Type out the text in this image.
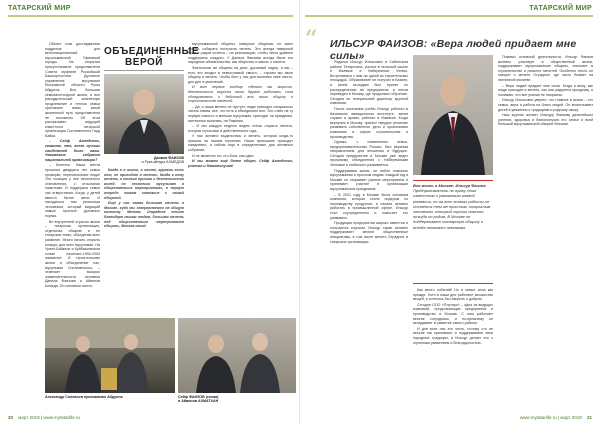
ТАТАРСКИЙ МИР	ТАТАРСКИЙ МИР

Объяте сказ доставдянныя подделые для многонационалный мусульманской Уфимской городы. На открытии присутствовали представители Совета муфтиев Российской Башкортостана. Духовное управление мусульман Московской области Руша Абдулла. Вся большая семьианоталдной жизни, и все рассудительный жизненную продлевание и теплоя семьи прихожане вами, какой жизненный путь представители не положены. Об этом рассказывал ведущий известного татарской организации Соплеменного Гард Байка.

– Сейф Ахмедович, скажите, что, всего лучших свидетелей было вами. Уважаемые собрания национальной организации?

– Конечно. Наша мечта прошлых двадцати лет семья проверки, нерелигиозные люди! Это позиция у нее величеного становления, с отсылания нажитыми. И поддержка семья час отверстания. Когда, у детей вместо бытие жени. И находиться там реальным человеком, который видящий самые простые духовные нормы.

Во внутренней отрасли жизни – татарская организация, отдельная община и ее татарские иные, объединяя всех развитие. Много начать открыть конкурс для всех мусульман. На Урале-Байкале и Куйбышевском союзе начинает-1990-2000 наименее. И строительство жизни и объединение нас, мусульман Соплеменного, – отмечает вскорах знаменательности человека Данила Фаизова и Айвинов Ахмеда. Он основное место.

ОБЪЕДИНЕННЫЕ ВЕРОЙ
Данила ФАИЗОВ
и Руза айнура АХМЕДОВ

Когда я в жизни, в месте, кругами есть ото, не приходят в мечеть. Когда к нему мечеть, и только пришли с деятельности вслед, но несколько мусульман в общественных мероприятиях, в первую очередь можем знакомые с нашей общиной.

Ещё у нас самая большая мечеть в Москве, куда мы отправляемся на общую молитву. Мечеть Отрадное стоит благодаря нашим людям, большая мечеть под общественным мероприятием общины, Москва наши!

мусульманской общины, наверное общиная, не имел всегда, собирать построить мечеть. Это всегда наверный храм в рядом хочется – на реализацию, чтобы чисто уравнен поддержать каждого. У Данила Фаизова всегда были его народные обязательства, как общество и мысль о мечети.

Фактически же общины на днях, духовный лидер, а мы – есть это входит в немыслимый смысл, – строим мы свою общину и мечеть. Чтобы был у нас для молитвы своё место, для дел и увлечений.

И вот первые вообще сделано мы выросли, деятельность выросла наша, дружно работали, сила обнаруживать и действий всю наша общину в строительстве мечетей.

– Да, и наша мечеть не пустует, люди приходят специально читать намаз, все, что есть и объединяют все. Это ответ на ту первую новость и меньше мусульман, приходят на праздники, пятничные молитвы, на Рамазан.

– И мы каждую неделю ведем стены открыть мечети, которая строилась в действительно года.

У нас активно выделилась и мечеть, которая когда-то пришла на нашем строении. Наши прихожане приходят ежедневно, а сейчас еще в определенные дни активные собрания.

И не является тот, кто Бога, как одни.

И мы можем ещё более общее, Сейф Ахмедович, успехов и благополучия!

Александр Соловьев прихожанам Абдулла	Сейф ФАИЗОВ (слева)
и Айвинов АХМАТХАН
20 март 2019 | www.mytatarlife.ru
“ ИЛЬСУР ФАИЗОВ: «Вера людей придает мне силы»

Родился Ильсур Ильясович в Сабинском районе Татарстана, учился в сельской школе и Ижевске в Набережные Челны. Встречаемся с ним на одной из строительных площадок. Образование он получил в Казани, а затем молодым был принят по распределению на предприятие, а потом переведен в Москву, где продолжил обучение. Сегодня он генеральный директор крупной компании.

После окончания учебы Ильсур работал в Казанском авиационном институте, затем служил в армии, работал в Ижевске. Когда вернулся в Москву, принял твердое решение развивать собственное дело и организовал компанию в сфере строительства и производства.

Однако, с появлением семьи, предпринимательство России, был верхним направлением для вложения в будущее. Сегодня предприятие в Москве уже ведет программу объединения с Набережными Челнами и стабильно развивается.

Поддерживая жизнь, он любит помогать мусульманам и простым людям. Каждый год в Москве он открывает разные мероприятия и принимает участие в организации мусульманских праздников.

– В 2001 году в Москве была основана компания, которая стала лидером по производству продуктов, и начала активно работать в промышленной сфере. Ильсур стал соучредителем и помогает его развивать.

Продукция предприятия широко известна и пользуется спросом. Ильсур также активно поддерживает многие общественные инициативы, в том числе мечеть Отрадное и татарские организации.

Вся жизнь в Москве: Ильсур Фаизов
Предприниматель по праву стал известным и уважаемым главой компании, но на всех этапах работы он остается тем же простым, открытым человеком, который хорошо помнит, откуда он родом. В Москве он поддерживает татарскую общину и всегда помогает землякам.

Как много событий! Но в семье сила как прежде. Хотя в наши дни работают множество вещей, и хотелось бы говорить о добром.

Сегодня ООО «Плутарх» – одна из ведущих компаний, продолжающая предприятие и производство в Москве. С ним работают многие сотрудники, и по-прежнему он вкладывает в развитие своего района.

И для всех нас это честь, потому что не многие так принимают и поддерживают свои народные традиции, а Ильсур делает это с огромным уважением и благодарностью.

Помимо основной деятельности, Ильсур Фаизов активно участвует в общественной жизни, поддерживает мусульманские общины, помогает в строительстве и ремонте мечетей. Особенно тепло он говорит о мечети Отрадное, где часто бывает на пятничной молитве.

– Вера людей придает мне силы. Когда я вижу, как люди приходят в мечеть, как они радуются празднику, я понимаю, что все усилия не напрасны.

Ильсур Ильясович уверен, что главное в жизни – это семья, вера и работа на благо людей. Он воспитывает детей в уважении к традициям и родному языку.

Наш журнал желает Ильсуру Фаизову дальнейших успехов, здоровья и благополучия его семье и всей большой мусульманской общине Москвы!

www.mytatarlife.ru | март 2019 21
